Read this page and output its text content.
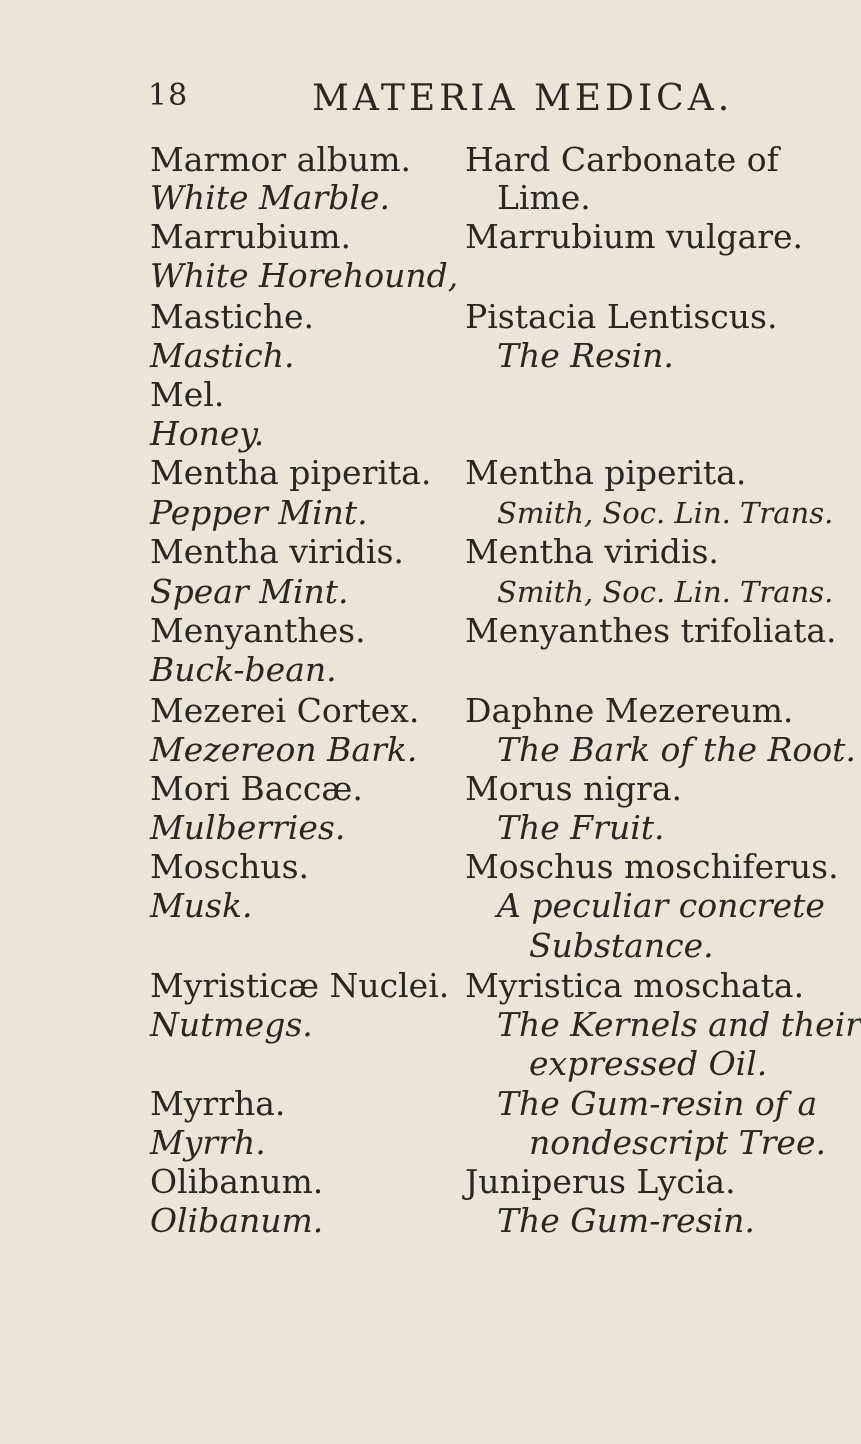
18	MATERIA MEDICA.
Marmor album.
White Marble.
Marrubium.
White Horehound,
Mastiche.
Mastich.
Mel.
Honey.
Mentha piperita.
Pepper Mint.
Mentha viridis.
Spear Mint.
Menyanthes.
Buck-bean.
Mezerei Cortex.
Mezereon Bark.
Mori Baccæ.
Mulberries.
Moschus.
Musk.
Myristicæ Nuclei.
Nutmegs.
Myrrha.
Myrrh.
Olibanum.
Olibanum.
Hard Carbonate of
Lime.
Marrubium vulgare.
Pistacia Lentiscus.
The Resin.
Mentha piperita.
Smith, Soc. Lin. Trans.
Mentha viridis.
Smith, Soc. Lin. Trans.
Menyanthes trifoliata.
Daphne Mezereum.
The Bark of the Root.
Morus nigra.
The Fruit.
Moschus moschiferus.
A peculiar concrete
Substance.
Myristica moschata.
The Kernels and their
expressed Oil.
The Gum-resin of a
nondescript Tree.
Juniperus Lycia.
The Gum-resin.
